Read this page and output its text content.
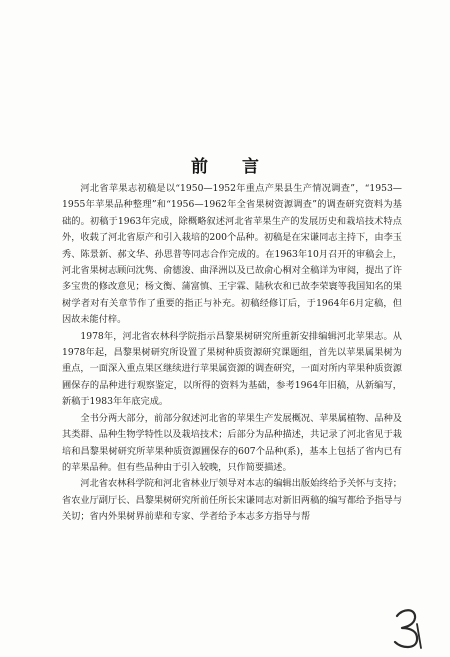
前 言

河北省苹果志初稿是以“1950—1952年重点产果县生产情况调查”，“1953—1955年苹果品种整理”和“1956—1962年全省果树资源调查”的调查研究资料为基础的。初稿于1963年完成，除概略叙述河北省苹果生产的发展历史和栽培技术特点外，收载了河北省原产和引入栽培的200个品种。初稿是在宋谦同志主持下，由李玉秀、陈景新、郝文华、孙思普等同志合作完成的。在1963年10月召开的审稿会上，河北省果树志顾问沈隽、俞德浚、曲泽洲以及已故俞心桐对全稿详为审阅，提出了许多宝贵的修改意见；杨文衡、蒲富慎、王宇霖、陆秋农和已故李荣寰等我国知名的果树学者对有关章节作了重要的指正与补充。初稿经修订后，于1964年6月定稿，但因故未能付梓。

1978年，河北省农林科学院指示昌黎果树研究所重新安排编辑河北苹果志。从1978年起，昌黎果树研究所设置了果树种质资源研究课题组，首先以苹果属果树为重点，一面深入重点果区继续进行苹果属资源的调查研究，一面对所内苹果种质资源圃保存的品种进行观察鉴定，以所得的资料为基础，参考1964年旧稿，从新编写，新稿于1983年年底完成。

全书分两大部分，前部分叙述河北省的苹果生产发展概况、苹果属植物、品种及其类群、品种生物学特性以及栽培技术；后部分为品种描述，共记录了河北省见于栽培和昌黎果树研究所苹果种质资源圃保存的607个品种(系)，基本上包括了省内已有的苹果品种。但有些品种由于引入较晚，只作简要描述。

河北省农林科学院和河北省林业厅领导对本志的编辑出版始终给予关怀与支持；省农业厅副厅长、昌黎果树研究所前任所长宋谦同志对新旧两稿的编写都给予指导与关切；省内外果树界前辈和专家、学者给予本志多方指导与帮
